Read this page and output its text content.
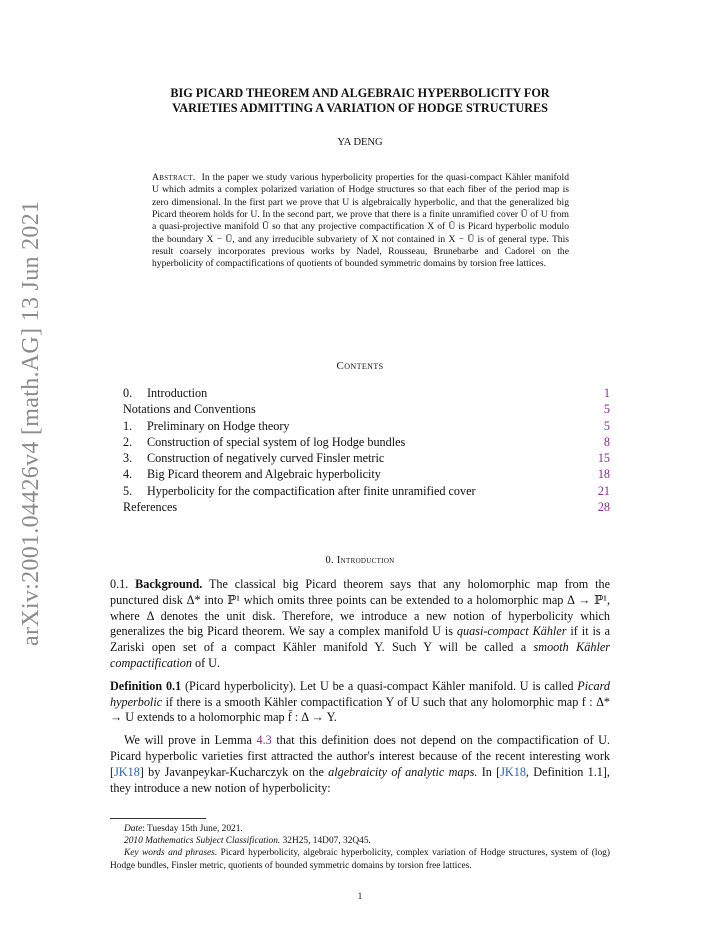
arXiv:2001.04426v4 [math.AG] 13 Jun 2021
BIG PICARD THEOREM AND ALGEBRAIC HYPERBOLICITY FOR
VARIETIES ADMITTING A VARIATION OF HODGE STRUCTURES
YA DENG
Abstract. In the paper we study various hyperbolicity properties for the quasi-compact Kähler manifold U which admits a complex polarized variation of Hodge structures so that each fiber of the period map is zero dimensional. In the first part we prove that U is algebraically hyperbolic, and that the generalized big Picard theorem holds for U. In the second part, we prove that there is a finite unramified cover Ũ of U from a quasi-projective manifold Ũ so that any projective compactification X of Ũ is Picard hyperbolic modulo the boundary X − Ũ, and any irreducible subvariety of X not contained in X − Ũ is of general type. This result coarsely incorporates previous works by Nadel, Rousseau, Brunebarbe and Cadorel on the hyperbolicity of compactifications of quotients of bounded symmetric domains by torsion free lattices.
Contents
0. Introduction	1
Notations and Conventions	5
1. Preliminary on Hodge theory	5
2. Construction of special system of log Hodge bundles	8
3. Construction of negatively curved Finsler metric	15
4. Big Picard theorem and Algebraic hyperbolicity	18
5. Hyperbolicity for the compactification after finite unramified cover	21
References	28
0. Introduction

0.1. Background. The classical big Picard theorem says that any holomorphic map from the punctured disk Δ* into ℙ¹ which omits three points can be extended to a holomorphic map Δ → ℙ¹, where Δ denotes the unit disk. Therefore, we introduce a new notion of hyperbolicity which generalizes the big Picard theorem. We say a complex manifold U is quasi-compact Kähler if it is a Zariski open set of a compact Kähler manifold Y. Such Y will be called a smooth Kähler compactification of U.

Definition 0.1 (Picard hyperbolicity). Let U be a quasi-compact Kähler manifold. U is called Picard hyperbolic if there is a smooth Kähler compactification Y of U such that any holomorphic map f : Δ* → U extends to a holomorphic map f̄ : Δ → Y.

We will prove in Lemma 4.3 that this definition does not depend on the compactification of U. Picard hyperbolic varieties first attracted the author's interest because of the recent interesting work [JK18] by Javanpeykar-Kucharczyk on the algebraicity of analytic maps. In [JK18, Definition 1.1], they introduce a new notion of hyperbolicity:

Date: Tuesday 15th June, 2021.

2010 Mathematics Subject Classification. 32H25, 14D07, 32Q45.

Key words and phrases. Picard hyperbolicity, algebraic hyperbolicity, complex variation of Hodge structures, system of (log) Hodge bundles, Finsler metric, quotients of bounded symmetric domains by torsion free lattices.

1
